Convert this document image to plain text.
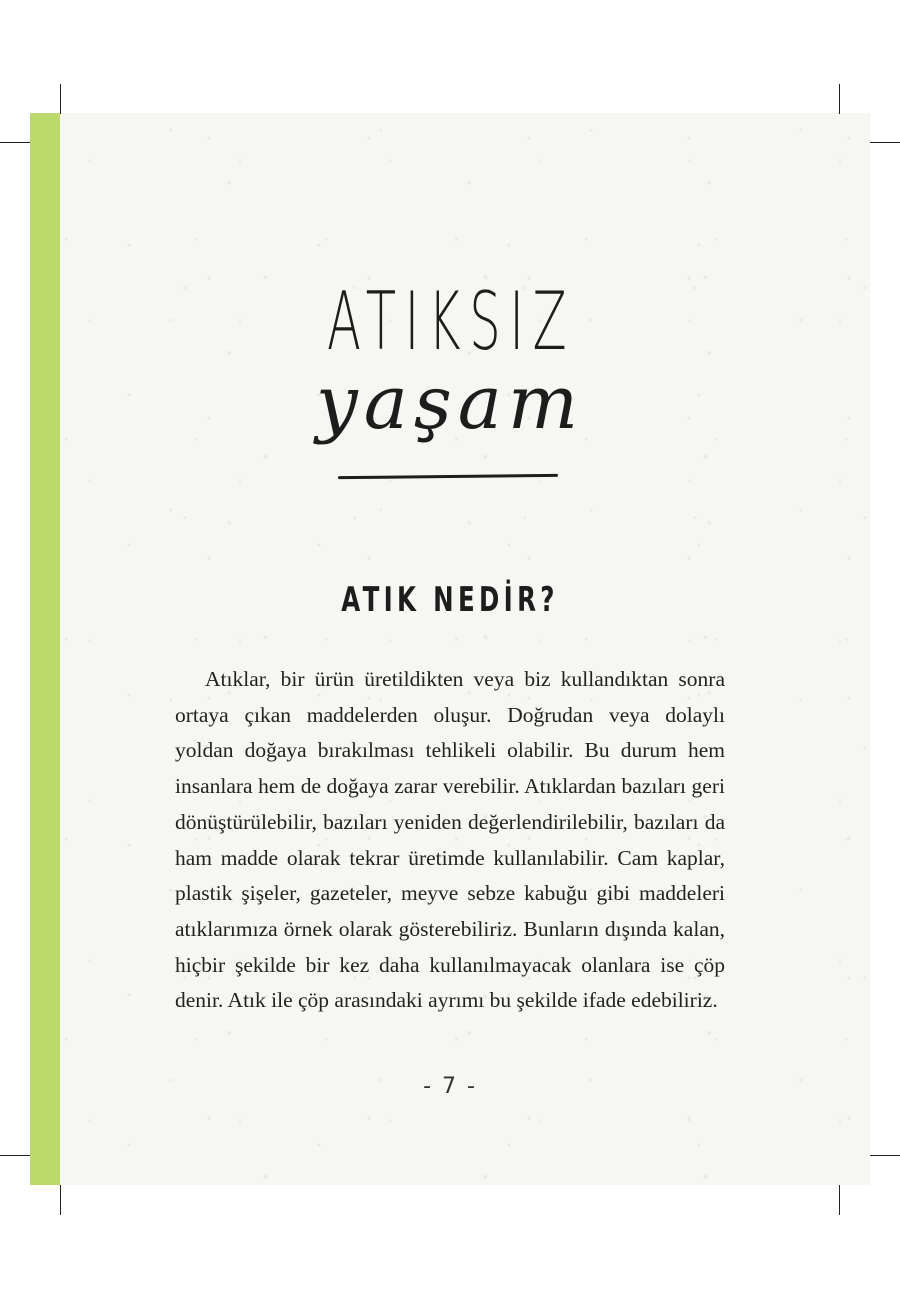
ATIKSIZ
yaşam
ATIK NEDİR?

Atıklar, bir ürün üretildikten veya biz kullandıktan sonra ortaya çıkan maddelerden oluşur. Doğrudan veya dolaylı yoldan doğaya bırakılması tehlikeli olabilir. Bu durum hem insanlara hem de doğaya zarar verebilir. Atıklardan bazıları geri dönüştürülebilir, bazıları yeniden değerlendirilebilir, bazıları da ham madde olarak tekrar üretimde kullanılabilir. Cam kaplar, plastik şişeler, gazeteler, meyve sebze kabuğu gibi maddeleri atıklarımıza örnek olarak gösterebiliriz. Bunların dışında kalan, hiçbir şekilde bir kez daha kullanılmayacak olanlara ise çöp denir. Atık ile çöp arasındaki ayrımı bu şekilde ifade edebiliriz.

- 7 -
